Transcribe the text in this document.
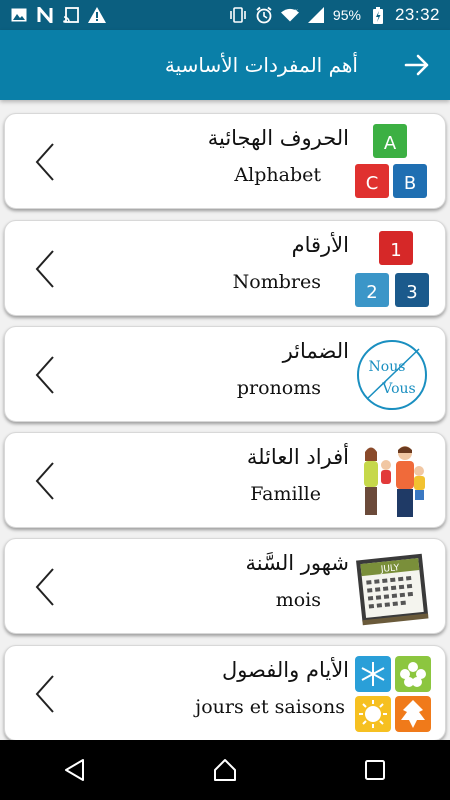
× 95% 23:32
أهم المفردات الأساسية
الحروف الهجائية
Alphabet
A
C B
الأرقام
Nombres
1
2 3
الضمائر
pronoms
Nous
Vous
أفراد العائلة
Famille
شهور السَّنة
mois
JULY
الأيام والفصول
jours et saisons
